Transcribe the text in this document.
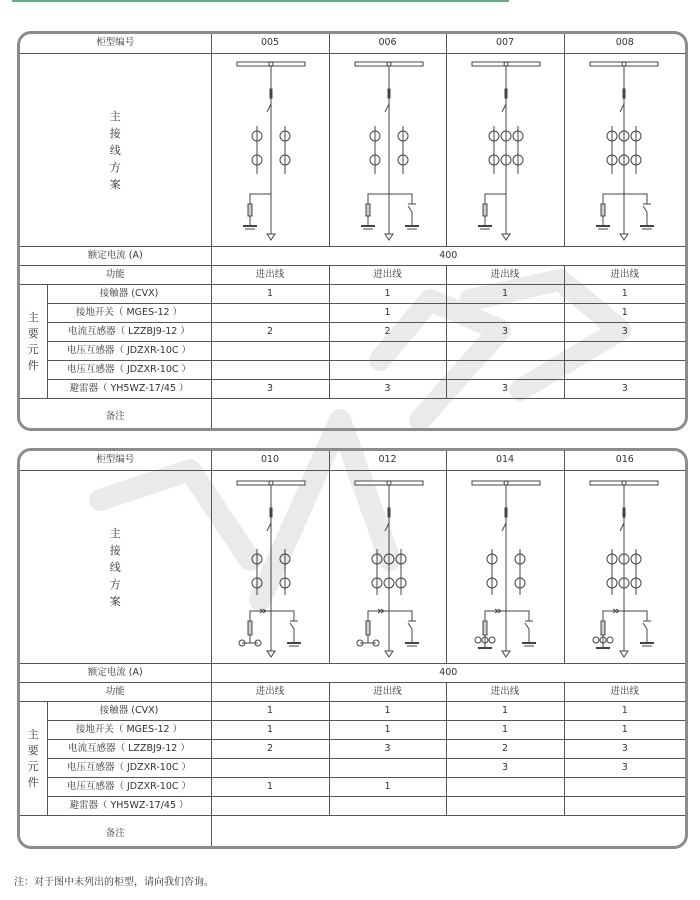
柜型编号		005	006	007	008

主
接
线
方
案

额定电流 (A)		400			
功能		进出线	进出线	进出线	进出线

主
要
元
件	接触器 (CVX)	1	1	1	1
	接地开关（ MGES-12 ）		1		1
	电流互感器（ LZZBJ9-12 ）	2	2	3	3
	电压互感器（ JDZXR-10C ）				
	电压互感器（ JDZXR-10C ）				
	避雷器（ YH5WZ-17/45 ）	3	3	3	3
备注					
柜型编号		010	012	014	016

主
接
线
方
案

额定电流 (A)		400			
功能		进出线	进出线	进出线	进出线

主
要
元
件	接触器 (CVX)	1	1	1	1
	接地开关（ MGES-12 ）	1	1	1	1
	电流互感器（ LZZBJ9-12 ）	2	3	2	3
	电压互感器（ JDZXR-10C ）			3	3
	电压互感器（ JDZXR-10C ）	1	1		
	避雷器（ YH5WZ-17/45 ）				
备注					
注：对于图中未列出的柜型，请向我们咨询。
